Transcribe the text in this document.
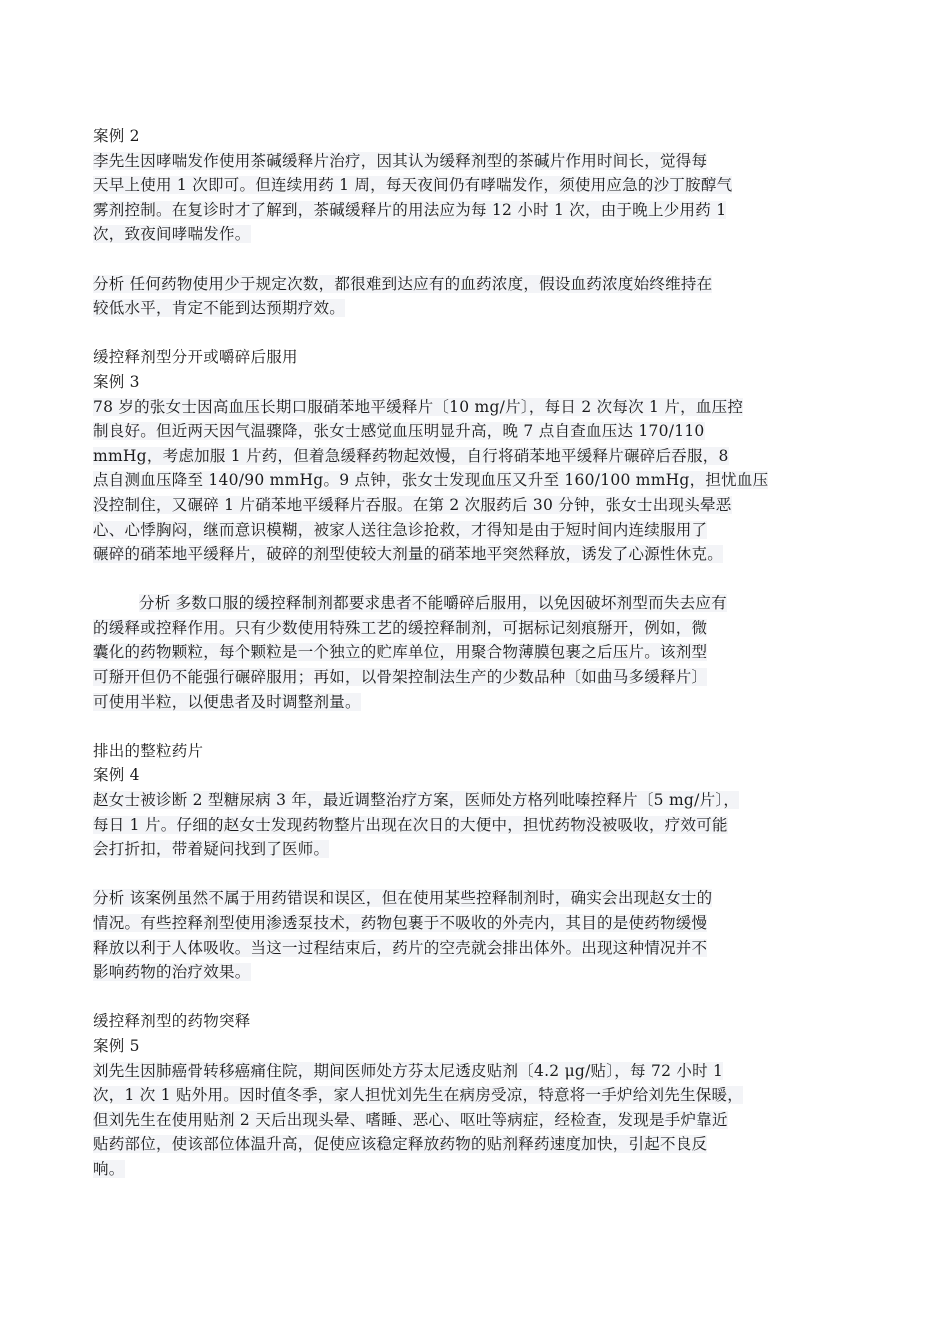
案例 2
李先生因哮喘发作使用茶碱缓释片治疗，因其认为缓释剂型的茶碱片作用时间长，觉得每
天早上使用 1 次即可。但连续用药 1 周，每天夜间仍有哮喘发作，须使用应急的沙丁胺醇气
雾剂控制。在复诊时才了解到，茶碱缓释片的用法应为每 12 小时 1 次，由于晚上少用药 1
次，致夜间哮喘发作。
分析 任何药物使用少于规定次数，都很难到达应有的血药浓度，假设血药浓度始终维持在
较低水平，肯定不能到达预期疗效。
缓控释剂型分开或嚼碎后服用
案例 3
78 岁的张女士因高血压长期口服硝苯地平缓释片〔10 mg/片〕，每日 2 次每次 1 片，血压控
制良好。但近两天因气温骤降，张女士感觉血压明显升高，晚 7 点自查血压达 170/110
mmHg，考虑加服 1 片药，但着急缓释药物起效慢，自行将硝苯地平缓释片碾碎后吞服，8
点自测血压降至 140/90 mmHg。9 点钟，张女士发现血压又升至 160/100 mmHg，担忧血压
没控制住，又碾碎 1 片硝苯地平缓释片吞服。在第 2 次服药后 30 分钟，张女士出现头晕恶
心、心悸胸闷，继而意识模糊，被家人送往急诊抢救，才得知是由于短时间内连续服用了
碾碎的硝苯地平缓释片，破碎的剂型使较大剂量的硝苯地平突然释放，诱发了心源性休克。
分析 多数口服的缓控释制剂都要求患者不能嚼碎后服用，以免因破坏剂型而失去应有
的缓释或控释作用。只有少数使用特殊工艺的缓控释制剂，可据标记刻痕掰开，例如，微
囊化的药物颗粒，每个颗粒是一个独立的贮库单位，用聚合物薄膜包裹之后压片。该剂型
可掰开但仍不能强行碾碎服用；再如，以骨架控制法生产的少数品种〔如曲马多缓释片〕
可使用半粒，以便患者及时调整剂量。
排出的整粒药片
案例 4
赵女士被诊断 2 型糖尿病 3 年，最近调整治疗方案，医师处方格列吡嗪控释片〔5 mg/片〕，
每日 1 片。仔细的赵女士发现药物整片出现在次日的大便中，担忧药物没被吸收，疗效可能
会打折扣，带着疑问找到了医师。
分析 该案例虽然不属于用药错误和误区，但在使用某些控释制剂时，确实会出现赵女士的
情况。有些控释剂型使用渗透泵技术，药物包裹于不吸收的外壳内，其目的是使药物缓慢
释放以利于人体吸收。当这一过程结束后，药片的空壳就会排出体外。出现这种情况并不
影响药物的治疗效果。
缓控释剂型的药物突释
案例 5
刘先生因肺癌骨转移癌痛住院，期间医师处方芬太尼透皮贴剂〔4.2 μg/贴〕，每 72 小时 1
次，1 次 1 贴外用。因时值冬季，家人担忧刘先生在病房受凉，特意将一手炉给刘先生保暖，
但刘先生在使用贴剂 2 天后出现头晕、嗜睡、恶心、呕吐等病症，经检查，发现是手炉靠近
贴药部位，使该部位体温升高，促使应该稳定释放药物的贴剂释药速度加快，引起不良反
响。
